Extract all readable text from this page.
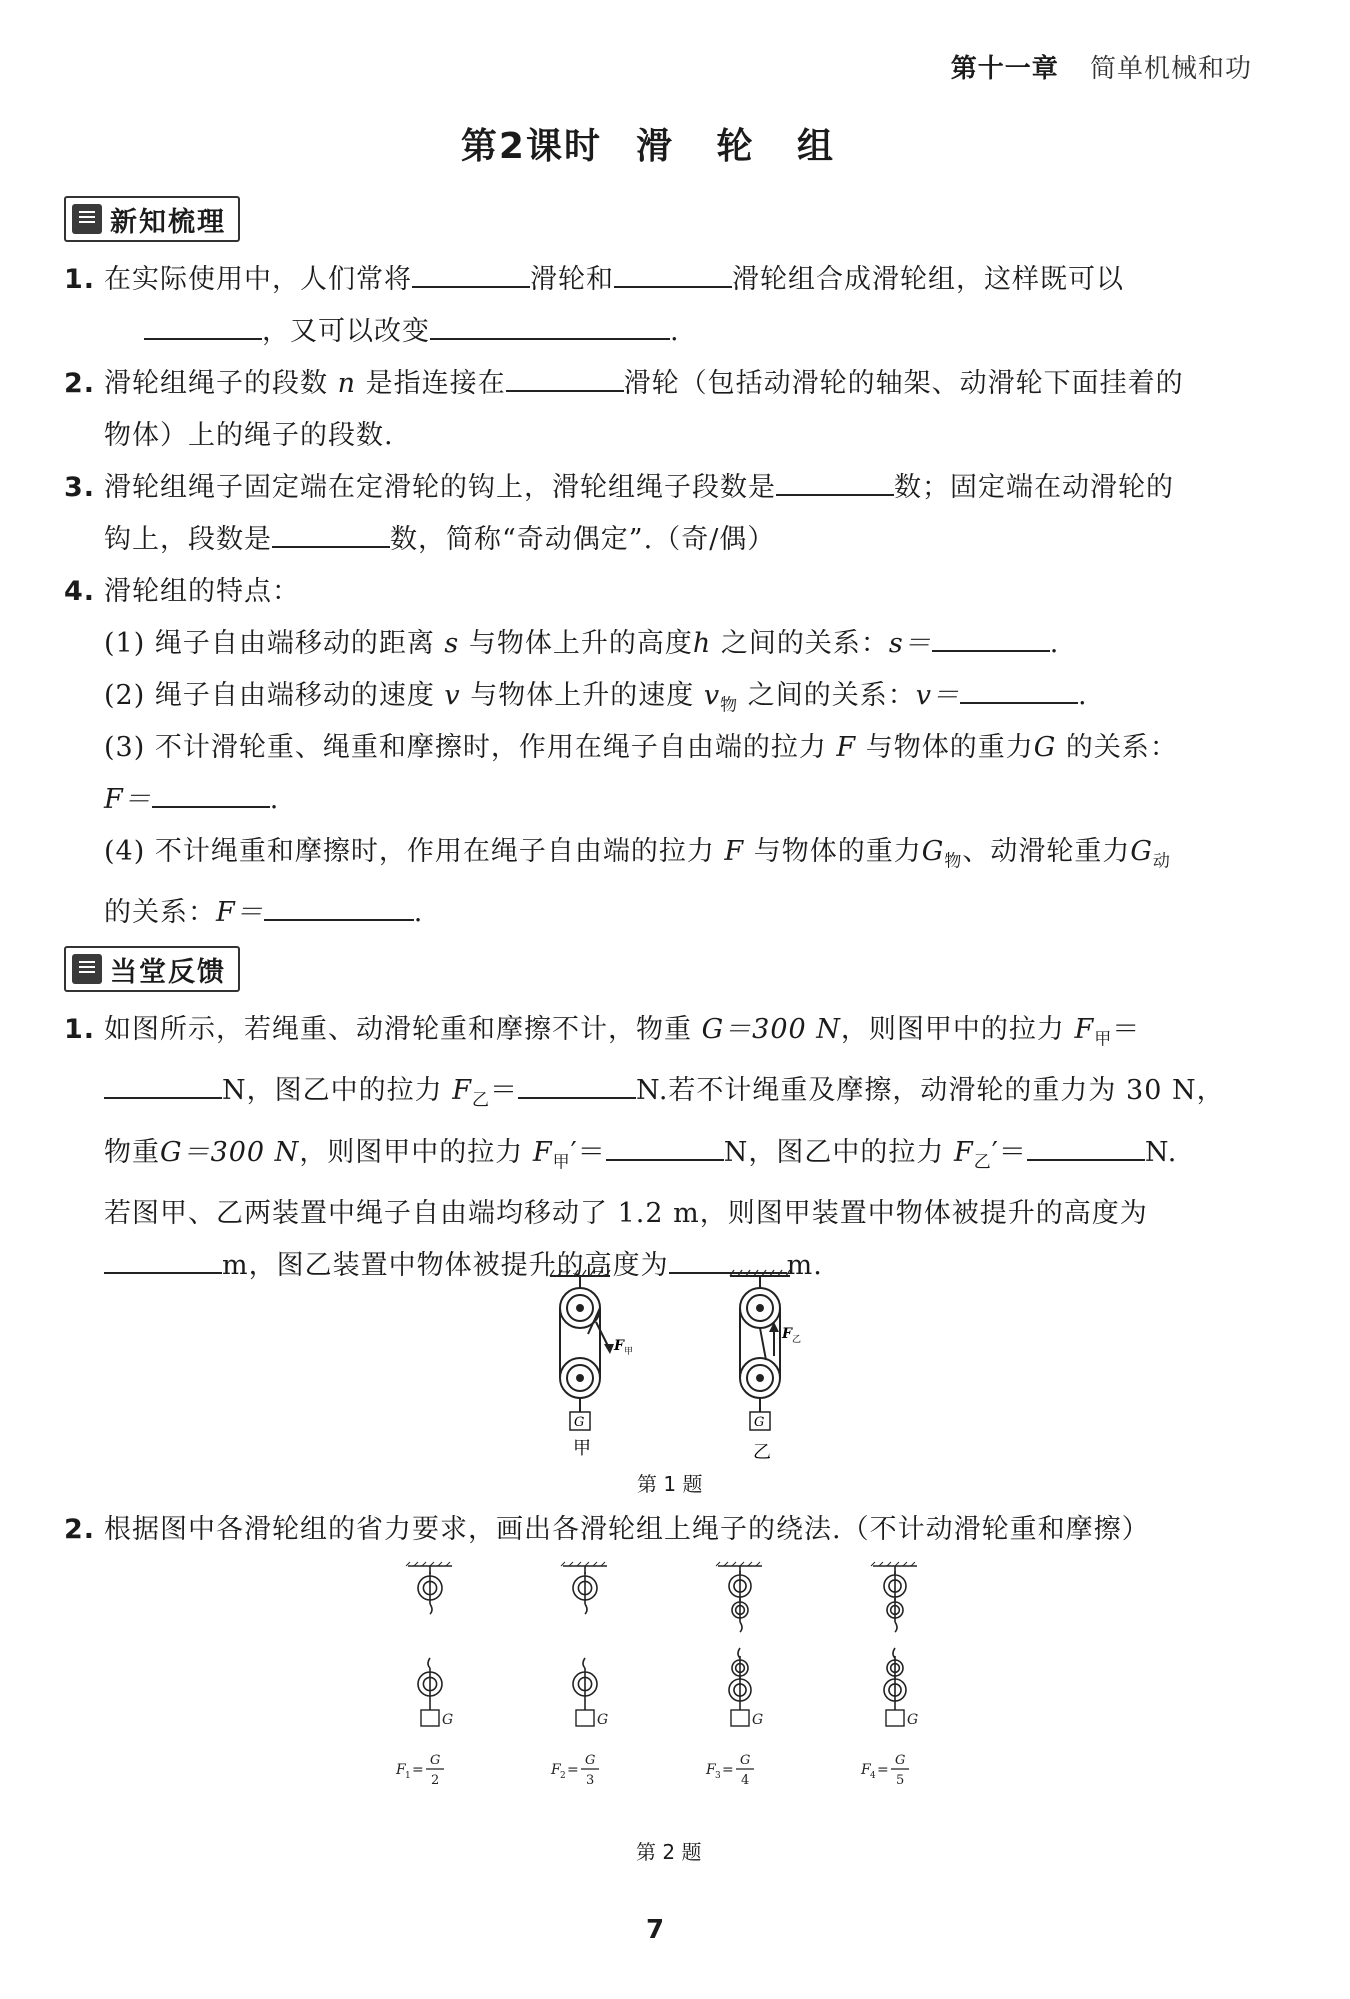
第十一章 简单机械和功
第2课时 滑 轮 组
新知梳理
1. 在实际使用中，人们常将	滑轮和	滑轮组合成滑轮组，这样既可以
，又可以改变	.
2. 滑轮组绳子的段数 n 是指连接在	滑轮（包括动滑轮的轴架、动滑轮下面挂着的
物体）上的绳子的段数.
3. 滑轮组绳子固定端在定滑轮的钩上，滑轮组绳子段数是	数；固定端在动滑轮的
钩上，段数是	数，简称“奇动偶定”.（奇/偶）
4. 滑轮组的特点：
(1) 绳子自由端移动的距离 s 与物体上升的高度h 之间的关系：s＝	.
(2) 绳子自由端移动的速度 v 与物体上升的速度 $v_物$ 之间的关系：v＝	.
(3) 不计滑轮重、绳重和摩擦时，作用在绳子自由端的拉力 F 与物体的重力G 的关系：
F＝	.
(4) 不计绳重和摩擦时，作用在绳子自由端的拉力 F 与物体的重力$G_物$、动滑轮重力$G_动$
的关系：F＝	.
当堂反馈
1. 如图所示，若绳重、动滑轮重和摩擦不计，物重 G＝300 N，则图甲中的拉力 $F_甲=$
N，图乙中的拉力 $F_乙=$	N.若不计绳重及摩擦，动滑轮的重力为 30 N，
物重G＝300 N，则图甲中的拉力 $F_甲'=$	N，图乙中的拉力 $F_乙'=$	N.
若图甲、乙两装置中绳子自由端均移动了 1.2 m，则图甲装置中物体被提升的高度为
m，图乙装置中物体被提升的高度为	m.
G
F 甲
G
F 乙
甲	乙
第 1 题
2. 根据图中各滑轮组的省力要求，画出各滑轮组上绳子的绕法.（不计动滑轮重和摩擦）
G
F 1 =
G
2
G
F 2 =
G
3
G
F 3 =
G
4
G
F 4 =
G
5
第 2 题
7
